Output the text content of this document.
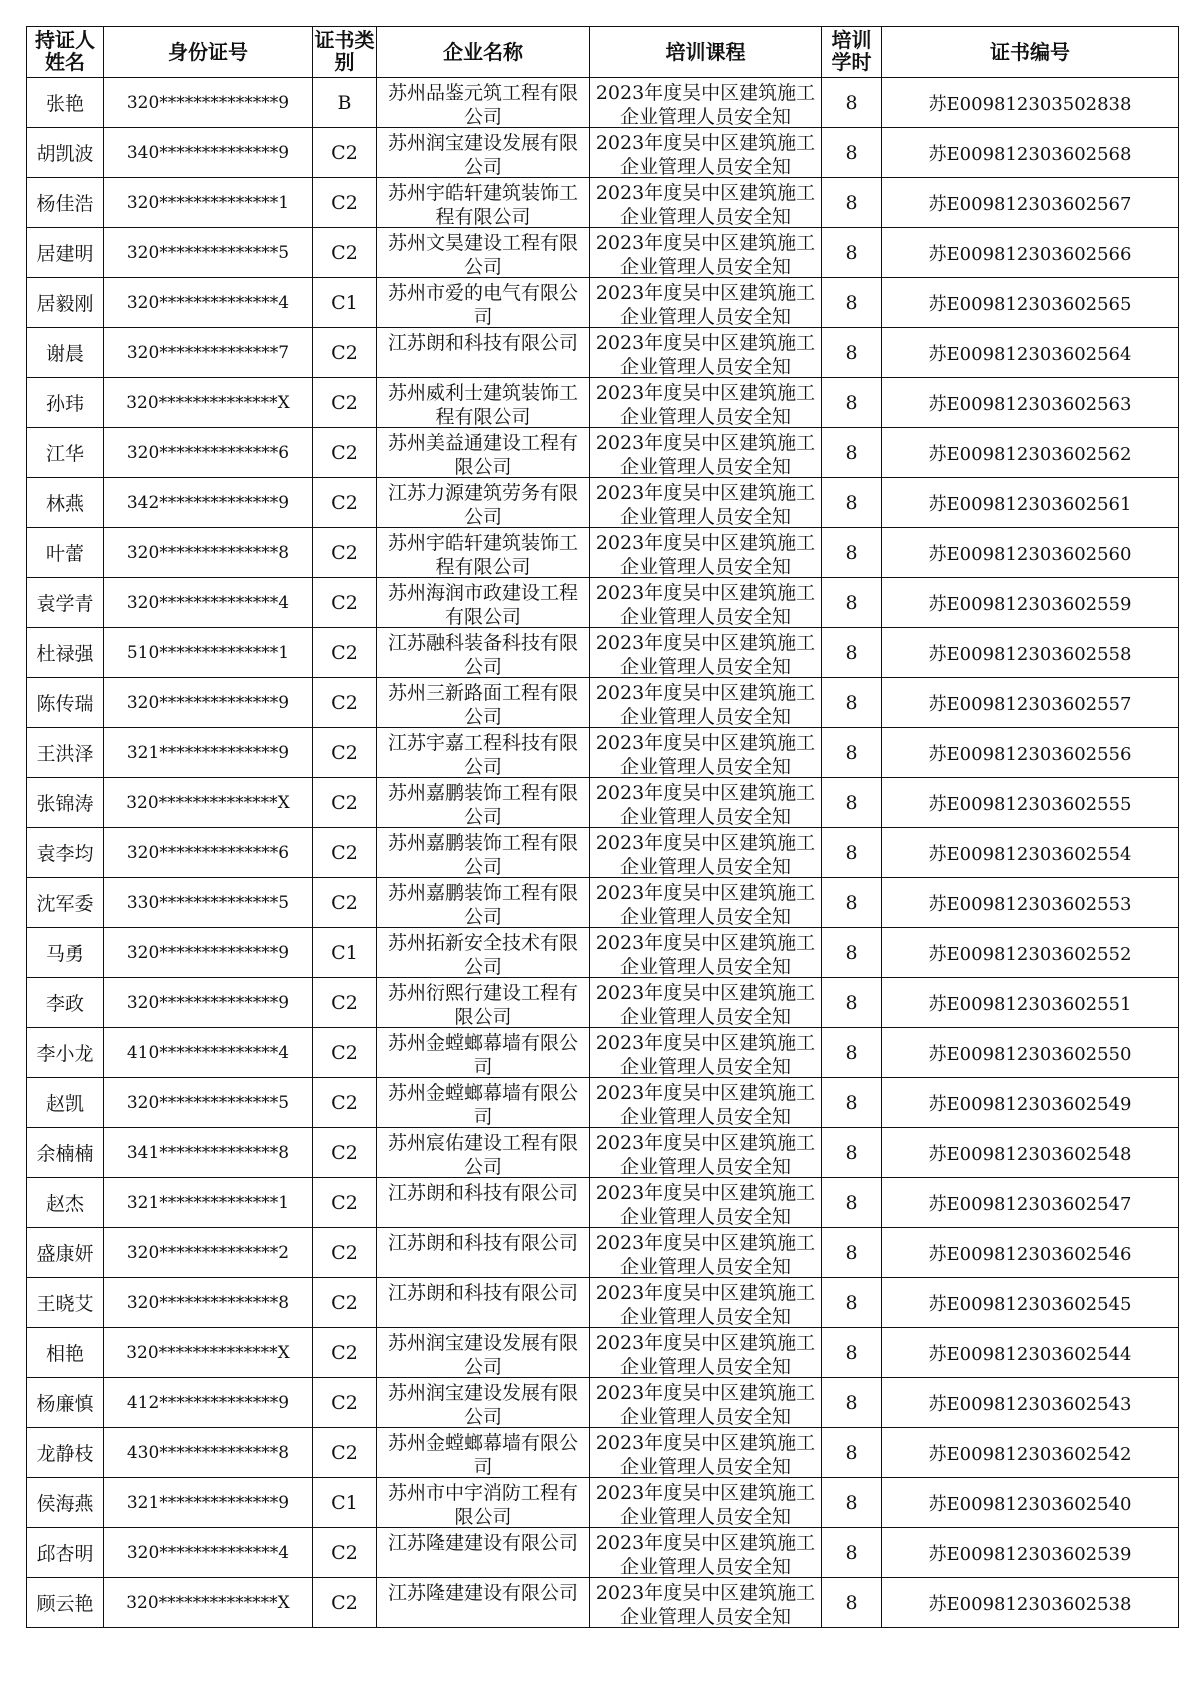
持证人姓名	身份证号	证书类别	企业名称	培训课程	培训学时	证书编号
张艳	320**************9	B	苏州品鉴元筑工程有限公司	2023年度吴中区建筑施工企业管理人员安全知	8	苏E009812303502838
胡凯波	340**************9	C2	苏州润宝建设发展有限公司	2023年度吴中区建筑施工企业管理人员安全知	8	苏E009812303602568
杨佳浩	320**************1	C2	苏州宇皓轩建筑装饰工程有限公司	2023年度吴中区建筑施工企业管理人员安全知	8	苏E009812303602567
居建明	320**************5	C2	苏州文昊建设工程有限公司	2023年度吴中区建筑施工企业管理人员安全知	8	苏E009812303602566
居毅刚	320**************4	C1	苏州市爱的电气有限公司	2023年度吴中区建筑施工企业管理人员安全知	8	苏E009812303602565
谢晨	320**************7	C2	江苏朗和科技有限公司	2023年度吴中区建筑施工企业管理人员安全知	8	苏E009812303602564
孙玮	320**************X	C2	苏州威利士建筑装饰工程有限公司	2023年度吴中区建筑施工企业管理人员安全知	8	苏E009812303602563
江华	320**************6	C2	苏州美益通建设工程有限公司	2023年度吴中区建筑施工企业管理人员安全知	8	苏E009812303602562
林燕	342**************9	C2	江苏力源建筑劳务有限公司	2023年度吴中区建筑施工企业管理人员安全知	8	苏E009812303602561
叶蕾	320**************8	C2	苏州宇皓轩建筑装饰工程有限公司	2023年度吴中区建筑施工企业管理人员安全知	8	苏E009812303602560
袁学青	320**************4	C2	苏州海润市政建设工程有限公司	2023年度吴中区建筑施工企业管理人员安全知	8	苏E009812303602559
杜禄强	510**************1	C2	江苏融科装备科技有限公司	2023年度吴中区建筑施工企业管理人员安全知	8	苏E009812303602558
陈传瑞	320**************9	C2	苏州三新路面工程有限公司	2023年度吴中区建筑施工企业管理人员安全知	8	苏E009812303602557
王洪泽	321**************9	C2	江苏宇嘉工程科技有限公司	2023年度吴中区建筑施工企业管理人员安全知	8	苏E009812303602556
张锦涛	320**************X	C2	苏州嘉鹏装饰工程有限公司	2023年度吴中区建筑施工企业管理人员安全知	8	苏E009812303602555
袁李均	320**************6	C2	苏州嘉鹏装饰工程有限公司	2023年度吴中区建筑施工企业管理人员安全知	8	苏E009812303602554
沈军委	330**************5	C2	苏州嘉鹏装饰工程有限公司	2023年度吴中区建筑施工企业管理人员安全知	8	苏E009812303602553
马勇	320**************9	C1	苏州拓新安全技术有限公司	2023年度吴中区建筑施工企业管理人员安全知	8	苏E009812303602552
李政	320**************9	C2	苏州衍熙行建设工程有限公司	2023年度吴中区建筑施工企业管理人员安全知	8	苏E009812303602551
李小龙	410**************4	C2	苏州金螳螂幕墙有限公司	2023年度吴中区建筑施工企业管理人员安全知	8	苏E009812303602550
赵凯	320**************5	C2	苏州金螳螂幕墙有限公司	2023年度吴中区建筑施工企业管理人员安全知	8	苏E009812303602549
余楠楠	341**************8	C2	苏州宸佑建设工程有限公司	2023年度吴中区建筑施工企业管理人员安全知	8	苏E009812303602548
赵杰	321**************1	C2	江苏朗和科技有限公司	2023年度吴中区建筑施工企业管理人员安全知	8	苏E009812303602547
盛康妍	320**************2	C2	江苏朗和科技有限公司	2023年度吴中区建筑施工企业管理人员安全知	8	苏E009812303602546
王晓艾	320**************8	C2	江苏朗和科技有限公司	2023年度吴中区建筑施工企业管理人员安全知	8	苏E009812303602545
相艳	320**************X	C2	苏州润宝建设发展有限公司	2023年度吴中区建筑施工企业管理人员安全知	8	苏E009812303602544
杨廉慎	412**************9	C2	苏州润宝建设发展有限公司	2023年度吴中区建筑施工企业管理人员安全知	8	苏E009812303602543
龙静枝	430**************8	C2	苏州金螳螂幕墙有限公司	2023年度吴中区建筑施工企业管理人员安全知	8	苏E009812303602542
侯海燕	321**************9	C1	苏州市中宇消防工程有限公司	2023年度吴中区建筑施工企业管理人员安全知	8	苏E009812303602540
邱杏明	320**************4	C2	江苏隆建建设有限公司	2023年度吴中区建筑施工企业管理人员安全知	8	苏E009812303602539
顾云艳	320**************X	C2	江苏隆建建设有限公司	2023年度吴中区建筑施工企业管理人员安全知	8	苏E009812303602538
